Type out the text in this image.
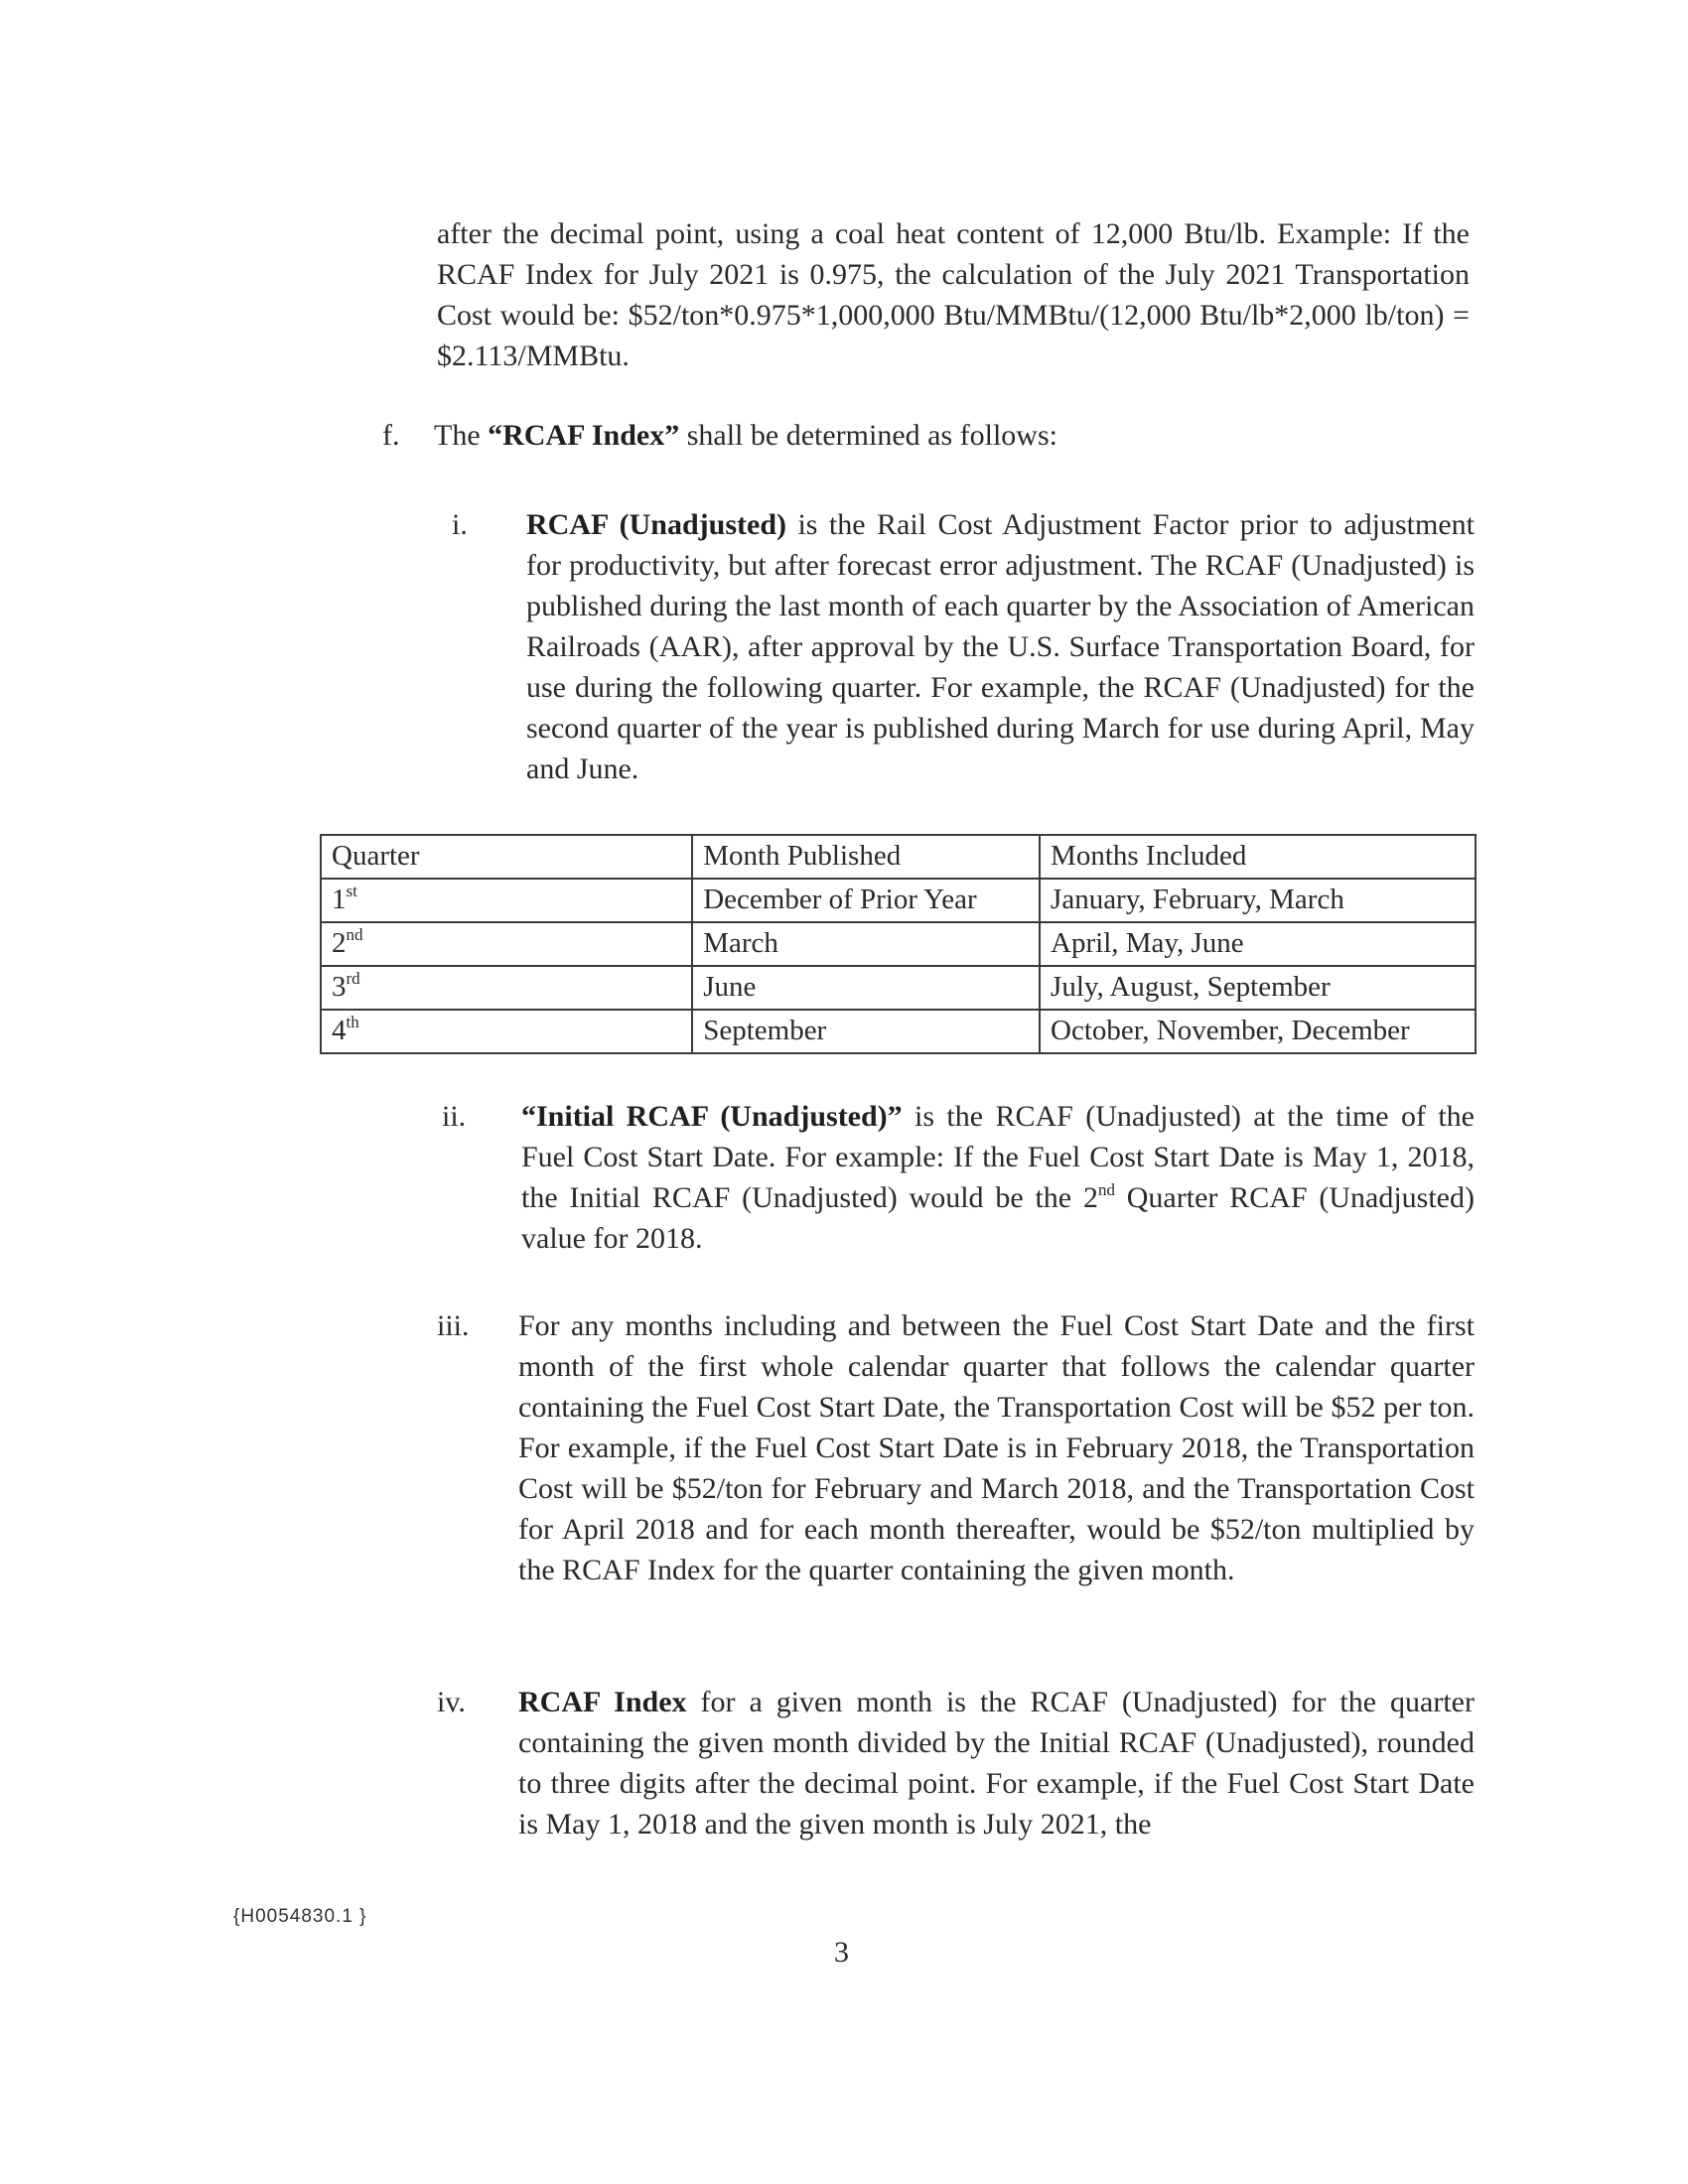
after the decimal point, using a coal heat content of 12,000 Btu/lb. Example: If the RCAF Index for July 2021 is 0.975, the calculation of the July 2021 Transportation Cost would be: $52/ton*0.975*1,000,000 Btu/MMBtu/(12,000 Btu/lb*2,000 lb/ton) = $2.113/MMBtu.

f. The “RCAF Index” shall be determined as follows:

i.	RCAF (Unadjusted) is the Rail Cost Adjustment Factor prior to adjustment for productivity, but after forecast error adjustment. The RCAF (Unadjusted) is published during the last month of each quarter by the Association of American Railroads (AAR), after approval by the U.S. Surface Transportation Board, for use during the following quarter. For example, the RCAF (Unadjusted) for the second quarter of the year is published during March for use during April, May and June.

Quarter	Month Published	Months Included
1st	December of Prior Year	January, February, March
2nd	March	April, May, June
3rd	June	July, August, September
4th	September	October, November, December

ii.	“Initial RCAF (Unadjusted)” is the RCAF (Unadjusted) at the time of the Fuel Cost Start Date. For example: If the Fuel Cost Start Date is May 1, 2018, the Initial RCAF (Unadjusted) would be the 2nd Quarter RCAF (Unadjusted) value for 2018.

iii.	For any months including and between the Fuel Cost Start Date and the first month of the first whole calendar quarter that follows the calendar quarter containing the Fuel Cost Start Date, the Transportation Cost will be $52 per ton. For example, if the Fuel Cost Start Date is in February 2018, the Transportation Cost will be $52/ton for February and March 2018, and the Transportation Cost for April 2018 and for each month thereafter, would be $52/ton multiplied by the RCAF Index for the quarter containing the given month.

iv.	RCAF Index for a given month is the RCAF (Unadjusted) for the quarter containing the given month divided by the Initial RCAF (Unadjusted), rounded to three digits after the decimal point. For example, if the Fuel Cost Start Date is May 1, 2018 and the given month is July 2021, the

{H0054830.1 }
3
